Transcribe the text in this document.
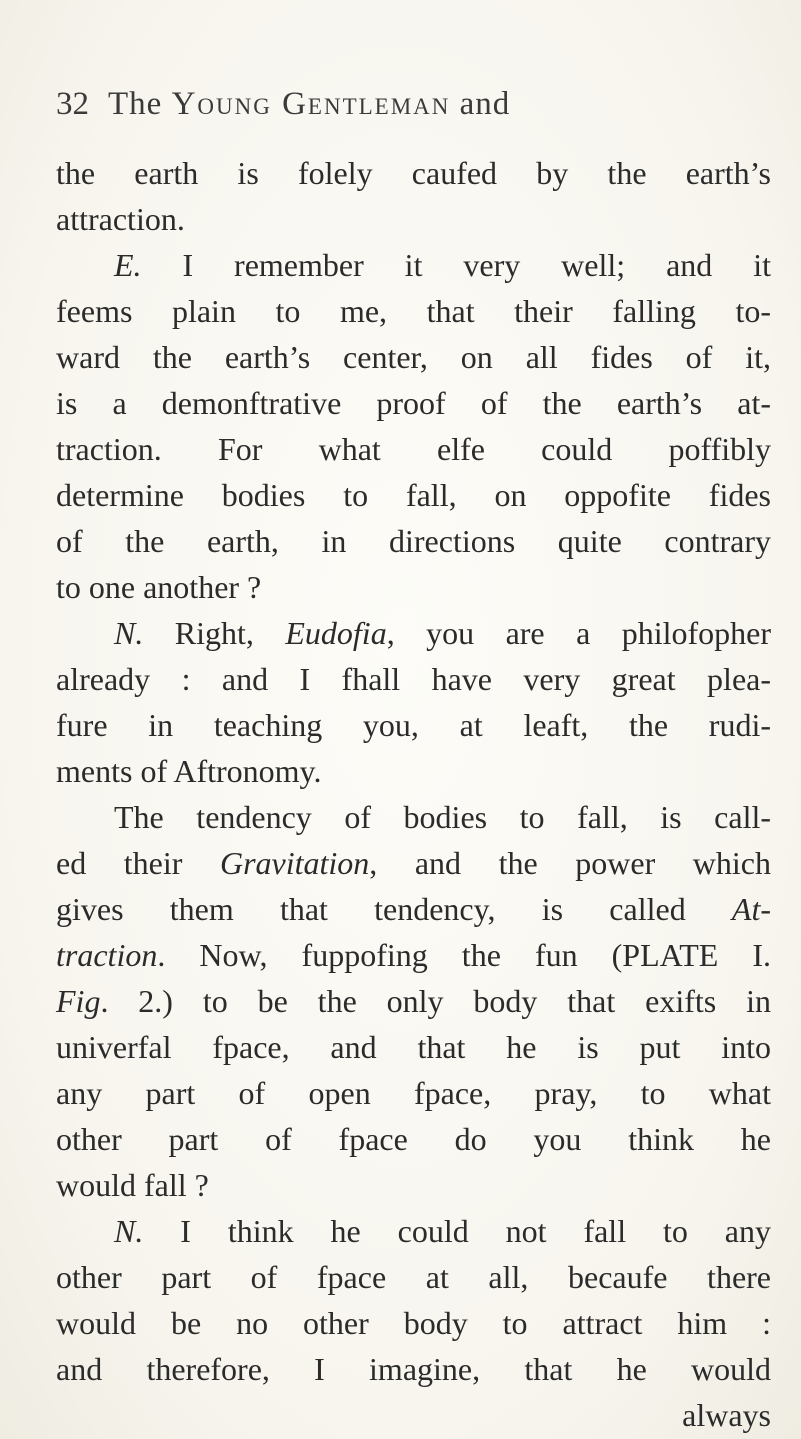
32 The Young Gentleman and
the earth is folely caufed by the earth’s
attraction.
E. I remember it very well; and it
feems plain to me, that their falling to-
ward the earth’s center, on all fides of it,
is a demonftrative proof of the earth’s at-
traction. For what elfe could poffibly
determine bodies to fall, on oppofite fides
of the earth, in directions quite contrary
to one another ?
N. Right, Eudofia, you are a philofopher
already : and I fhall have very great plea-
fure in teaching you, at leaft, the rudi-
ments of Aftronomy.
The tendency of bodies to fall, is call-
ed their Gravitation, and the power which
gives them that tendency, is called At-
traction. Now, fuppofing the fun (PLATE I.
Fig. 2.) to be the only body that exifts in
univerfal fpace, and that he is put into
any part of open fpace, pray, to what
other part of fpace do you think he
would fall ?
N. I think he could not fall to any
other part of fpace at all, becaufe there
would be no other body to attract him :
and therefore, I imagine, that he would
always
